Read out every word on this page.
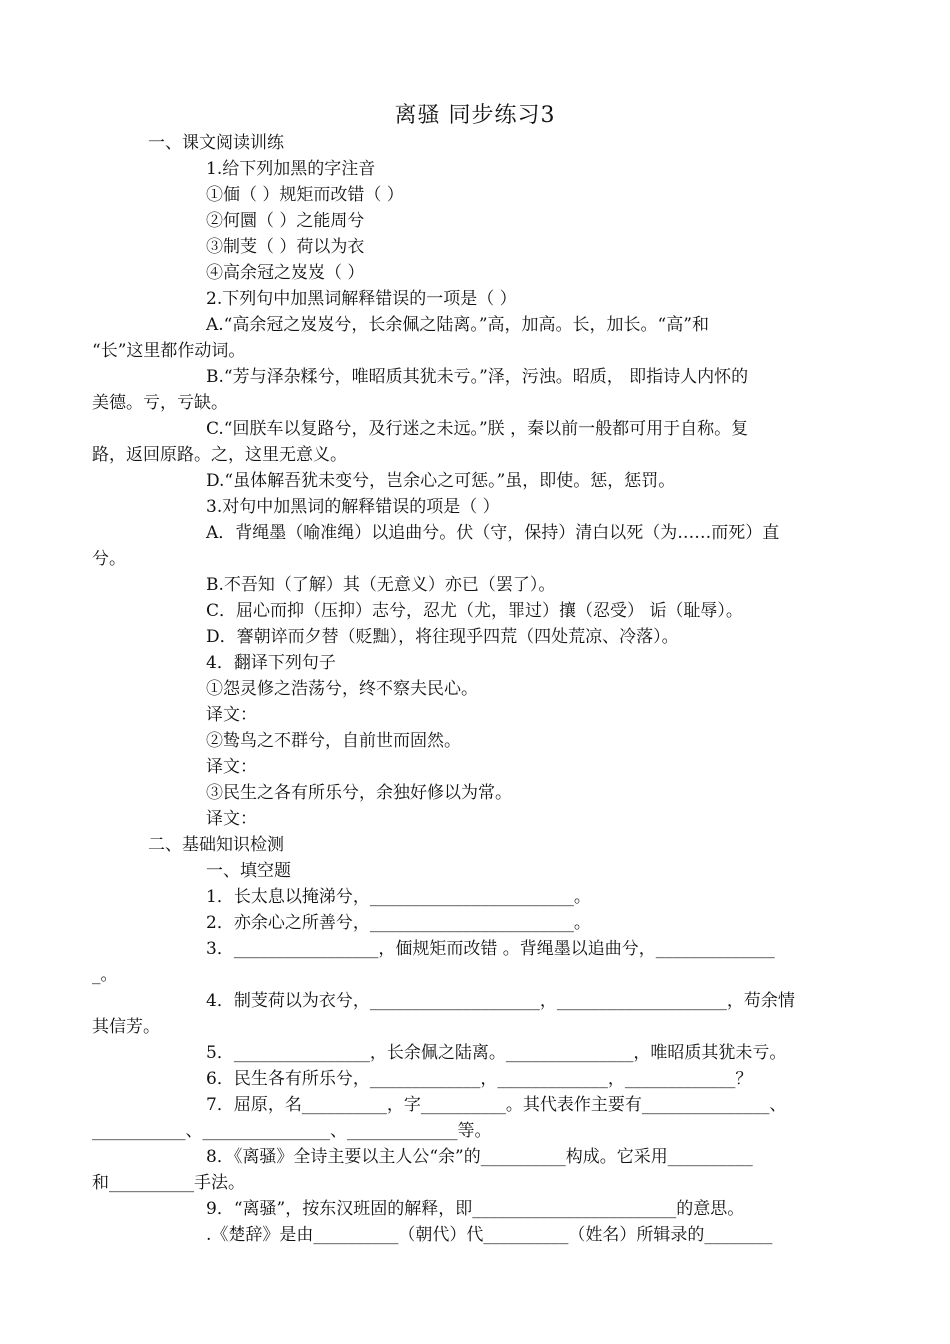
离骚 同步练习3
一、课文阅读训练
1.给下列加黑的字注音
①偭（ ）规矩而改错（ ）
②何圜（ ）之能周兮
③制芰（ ）荷以为衣
④高余冠之岌岌（ ）
2.下列句中加黑词解释错误的一项是（ ）
A.“高余冠之岌岌兮，长余佩之陆离。”高，加高。长，加长。“高”和
“长”这里都作动词。
B.“芳与泽杂糅兮，唯昭质其犹未亏。”泽，污浊。昭质， 即指诗人内怀的
美德。亏，亏缺。
C.“回朕车以复路兮，及行迷之未远。”朕 ，秦以前一般都可用于自称。复
路，返回原路。之，这里无意义。
D.“虽体解吾犹未变兮，岂余心之可惩。”虽，即使。惩，惩罚。
3.对句中加黑词的解释错误的项是（ ）
A．背绳墨（喻准绳）以追曲兮。伏（守，保持）清白以死（为……而死）直
兮。
B.不吾知（了解）其（无意义）亦已（罢了）。
C．屈心而抑（压抑）志兮，忍尤（尤，罪过）攘（忍受） 诟（耻辱）。
D．謇朝谇而夕替（贬黜），将往现乎四荒（四处荒凉、冷落）。
4．翻译下列句子
①怨灵修之浩荡兮，终不察夫民心。
译文：
②鸷鸟之不群兮，自前世而固然。
译文：
③民生之各有所乐兮，余独好修以为常。
译文：
二、基础知识检测
一、填空题
1．长太息以掩涕兮，________________________。
2．亦余心之所善兮，________________________。
3．_________________，偭规矩而改错 。背绳墨以追曲兮，______________
_。
4．制芰荷以为衣兮，____________________，____________________，苟余情
其信芳。
5．________________，长余佩之陆离。_______________，唯昭质其犹未亏。
6．民生各有所乐兮，_____________，_____________，_____________？
7．屈原，名__________，字__________。其代表作主要有_______________、
___________、_______________、_____________等。
8．《离骚》全诗主要以主人公“余”的__________构成。它采用__________
和__________手法。
9．“离骚”，按东汉班固的解释，即________________________的意思。
.《楚辞》是由__________（朝代）代__________（姓名）所辑录的________
